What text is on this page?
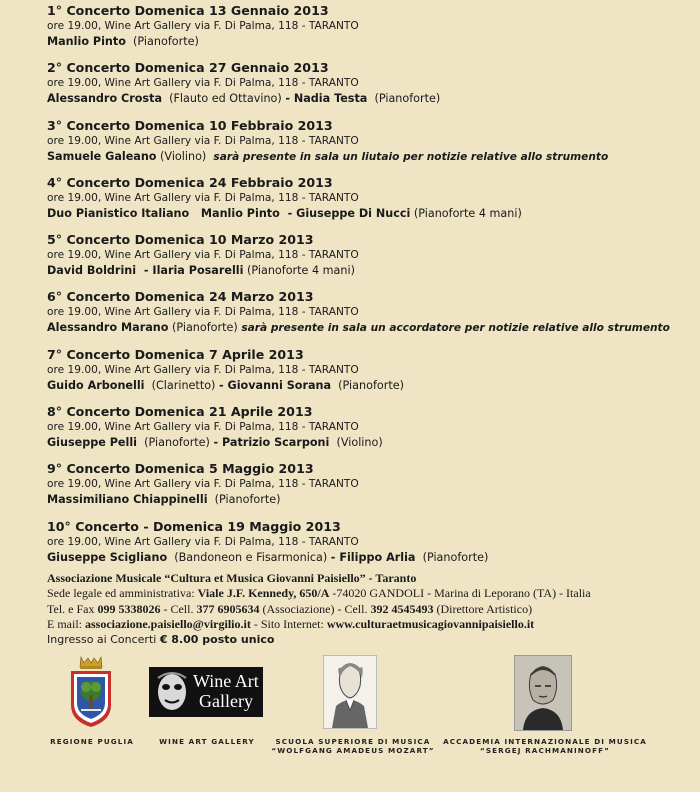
1° Concerto Domenica 13 Gennaio 2013
ore 19.00, Wine Art Gallery via F. Di Palma, 118 - TARANTO
Manlio Pinto  (Pianoforte)
2° Concerto Domenica 27 Gennaio 2013
ore 19.00, Wine Art Gallery via F. Di Palma, 118 - TARANTO
Alessandro Crosta  (Flauto ed Ottavino) - Nadia Testa  (Pianoforte)
3° Concerto Domenica 10 Febbraio 2013
ore 19.00, Wine Art Gallery via F. Di Palma, 118 - TARANTO
Samuele Galeano (Violino)  sarà presente in sala un liutaio per notizie relative allo strumento
4° Concerto Domenica 24 Febbraio 2013
ore 19.00, Wine Art Gallery via F. Di Palma, 118 - TARANTO
Duo Pianistico Italiano   Manlio Pinto  - Giuseppe Di Nucci (Pianoforte 4 mani)
5° Concerto Domenica 10 Marzo 2013
ore 19.00, Wine Art Gallery via F. Di Palma, 118 - TARANTO
David Boldrini  - Ilaria Posarelli (Pianoforte 4 mani)
6° Concerto Domenica 24 Marzo 2013
ore 19.00, Wine Art Gallery via F. Di Palma, 118 - TARANTO
Alessandro Marano (Pianoforte) sarà presente in sala un accordatore per notizie relative allo strumento
7° Concerto Domenica 7 Aprile 2013
ore 19.00, Wine Art Gallery via F. Di Palma, 118 - TARANTO
Guido Arbonelli  (Clarinetto) - Giovanni Sorana  (Pianoforte)
8° Concerto Domenica 21 Aprile 2013
ore 19.00, Wine Art Gallery via F. Di Palma, 118 - TARANTO
Giuseppe Pelli  (Pianoforte) - Patrizio Scarponi  (Violino)
9° Concerto Domenica 5 Maggio 2013
ore 19.00, Wine Art Gallery via F. Di Palma, 118 - TARANTO
Massimiliano Chiappinelli  (Pianoforte)
10° Concerto - Domenica 19 Maggio 2013
ore 19.00, Wine Art Gallery via F. Di Palma, 118 - TARANTO
Giuseppe Scigliano  (Bandoneon e Fisarmonica) - Filippo Arlia  (Pianoforte)
Associazione Musicale “Cultura et Musica Giovanni Paisiello” - Taranto
Sede legale ed amministrativa: Viale J.F. Kennedy, 650/A -74020 GANDOLI - Marina di Leporano (TA) - Italia
Tel. e Fax 099 5338026 - Cell. 377 6905634 (Associazione) - Cell. 392 4545493 (Direttore Artistico)
E mail: associazione.paisiello@virgilio.it - Sito Internet: www.culturaetmusicagiovannipaisiello.it
Ingresso ai Concerti € 8.00 posto unico
REGIONE PUGLIA
Wine Art
Gallery
WINE ART GALLERY	SCUOLA SUPERIORE DI MUSICA
“WOLFGANG AMADEUS MOZART”
ACCADEMIA INTERNAZIONALE DI MUSICA
“SERGEJ RACHMANINOFF”
